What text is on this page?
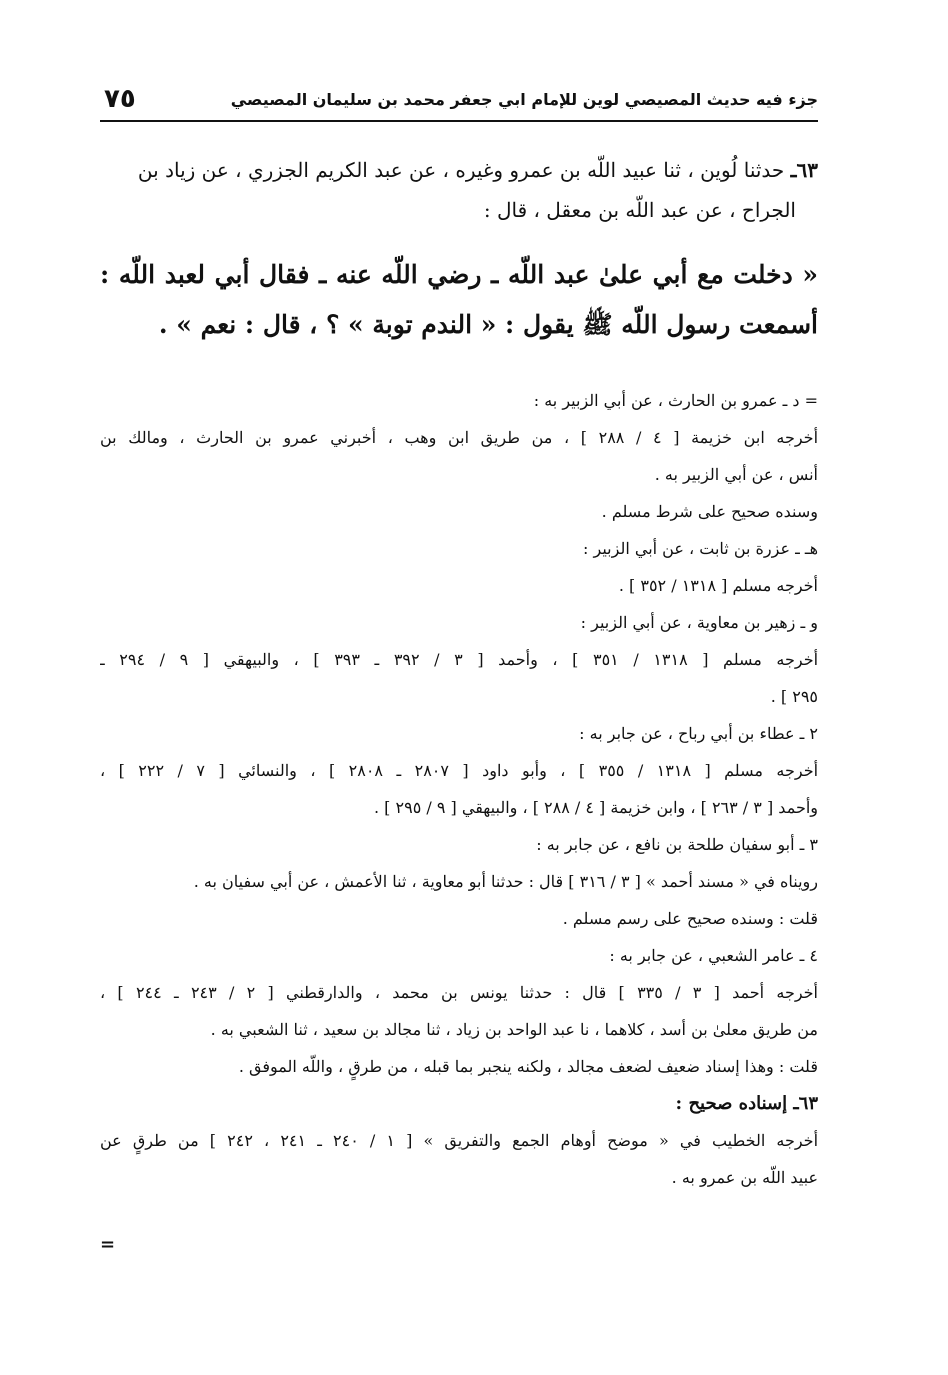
جزء فيه حديث المصيصي لوين للإمام ابي جعفر محمد بن سليمان المصيصي
٧٥
٦٣ـ حدثنا لُوين ، ثنا عبيد اللّه بن عمرو وغيره ، عن عبد الكريم الجزري ، عن زياد بن
الجراح ، عن عبد اللّه بن معقل ، قال :
« دخلت مع أبي علىٰ عبد اللّه ـ رضي اللّه عنه ـ فقال أبي لعبد اللّه : أسمعت رسول اللّه ﷺ يقول : « الندم توبة » ؟ ، قال : نعم » .
= د ـ عمرو بن الحارث ، عن أبي الزبير به :
أخرجه ابن خزيمة [ ٤ / ٢٨٨ ] ، من طريق ابن وهب ، أخبرني عمرو بن الحارث ، ومالك بن
أنس ، عن أبي الزبير به .
وسنده صحيح على شرط مسلم .
هـ ـ عزرة بن ثابت ، عن أبي الزبير :
أخرجه مسلم [ ١٣١٨ / ٣٥٢ ] .
و ـ زهير بن معاوية ، عن أبي الزبير :
أخرجه مسلم [ ١٣١٨ / ٣٥١ ] ، وأحمد [ ٣ / ٣٩٢ ـ ٣٩٣ ] ، والبيهقي [ ٩ / ٢٩٤ ـ
٢٩٥ ] .
٢ ـ عطاء بن أبي رباح ، عن جابر به :
أخرجه مسلم [ ١٣١٨ / ٣٥٥ ] ، وأبو داود [ ٢٨٠٧ ـ ٢٨٠٨ ] ، والنسائي [ ٧ / ٢٢٢ ] ،
وأحمد [ ٣ / ٢٦٣ ] ، وابن خزيمة [ ٤ / ٢٨٨ ] ، والبيهقي [ ٩ / ٢٩٥ ] .
٣ ـ أبو سفيان طلحة بن نافع ، عن جابر به :
رويناه في « مسند أحمد » [ ٣ / ٣١٦ ] قال : حدثنا أبو معاوية ، ثنا الأعمش ، عن أبي سفيان به .
قلت : وسنده صحيح على رسم مسلم .
٤ ـ عامر الشعبي ، عن جابر به :
أخرجه أحمد [ ٣ / ٣٣٥ ] قال : حدثنا يونس بن محمد ، والدارقطني [ ٢ / ٢٤٣ ـ ٢٤٤ ] ،
من طريق معلىٰ بن أسد ، كلاهما ، نا عبد الواحد بن زياد ، ثنا مجالد بن سعيد ، ثنا الشعبي به .
قلت : وهذا إسناد ضعيف لضعف مجالد ، ولكنه ينجبر بما قبله ، من طرقٍ ، واللّه الموفق .
٦٣ـ إسناده صحيح :
أخرجه الخطيب في « موضح أوهام الجمع والتفريق » [ ١ / ٢٤٠ ـ ٢٤١ ، ٢٤٢ ] من طرقٍ عن
عبيد اللّه بن عمرو به .
=
